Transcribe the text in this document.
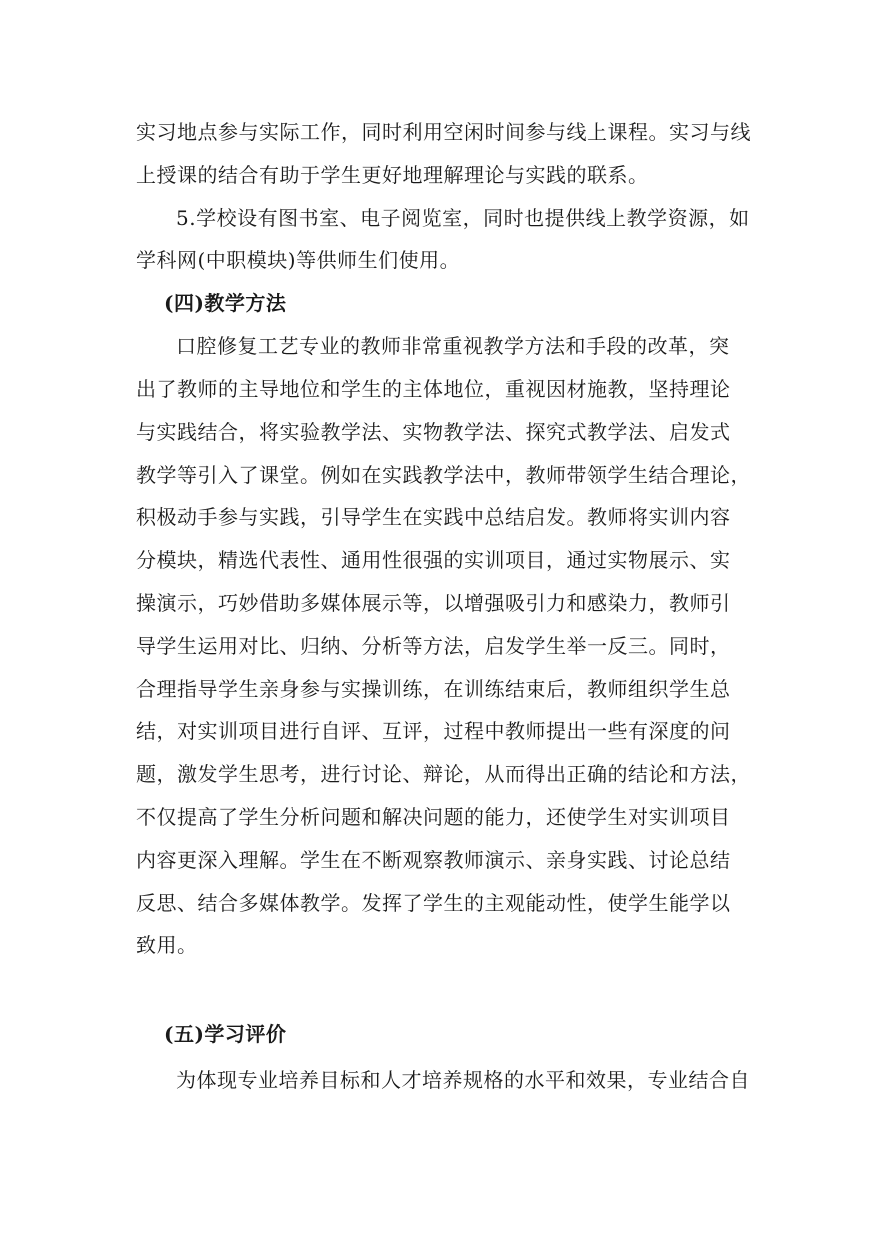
实习地点参与实际工作，同时利用空闲时间参与线上课程。实习与线
上授课的结合有助于学生更好地理解理论与实践的联系。
5.学校设有图书室、电子阅览室，同时也提供线上教学资源，如
学科网(中职模块)等供师生们使用。
(四)教学方法
口腔修复工艺专业的教师非常重视教学方法和手段的改革，突
出了教师的主导地位和学生的主体地位，重视因材施教，坚持理论
与实践结合，将实验教学法、实物教学法、探究式教学法、启发式
教学等引入了课堂。例如在实践教学法中，教师带领学生结合理论，
积极动手参与实践，引导学生在实践中总结启发。教师将实训内容
分模块，精选代表性、通用性很强的实训项目，通过实物展示、实
操演示，巧妙借助多媒体展示等，以增强吸引力和感染力，教师引
导学生运用对比、归纳、分析等方法，启发学生举一反三。同时，
合理指导学生亲身参与实操训练，在训练结束后，教师组织学生总
结，对实训项目进行自评、互评，过程中教师提出一些有深度的问
题，激发学生思考，进行讨论、辩论，从而得出正确的结论和方法，
不仅提高了学生分析问题和解决问题的能力，还使学生对实训项目
内容更深入理解。学生在不断观察教师演示、亲身实践、讨论总结
反思、结合多媒体教学。发挥了学生的主观能动性，使学生能学以
致用。
(五)学习评价
为体现专业培养目标和人才培养规格的水平和效果，专业结合自
